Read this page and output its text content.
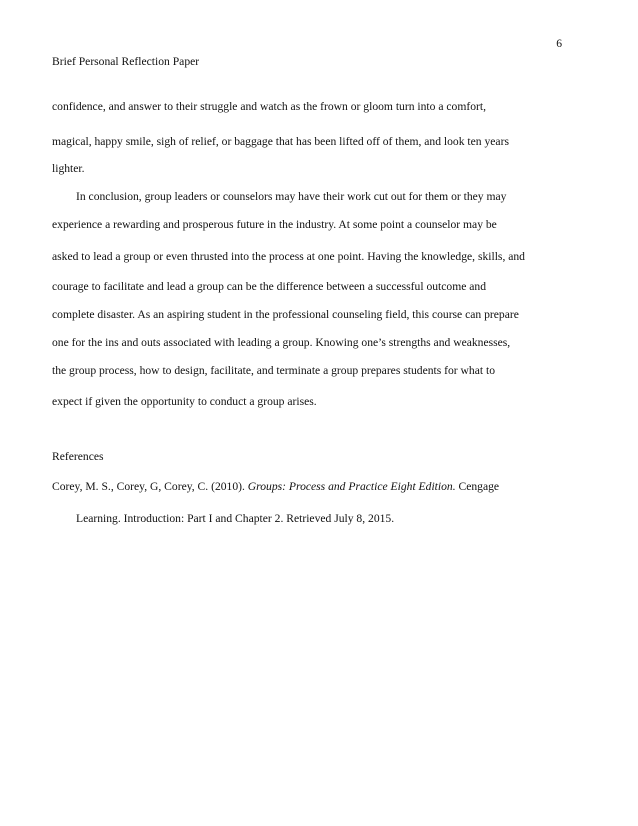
6

Brief Personal Reflection Paper

confidence, and answer to their struggle and watch as the frown or gloom turn into a comfort,

magical, happy smile, sigh of relief, or baggage that has been lifted off of them, and look ten years

lighter.

In conclusion, group leaders or counselors may have their work cut out for them or they may

experience a rewarding and prosperous future in the industry. At some point a counselor may be

asked to lead a group or even thrusted into the process at one point. Having the knowledge, skills, and

courage to facilitate and lead a group can be the difference between a successful outcome and

complete disaster. As an aspiring student in the professional counseling field, this course can prepare

one for the ins and outs associated with leading a group. Knowing one’s strengths and weaknesses,

the group process, how to design, facilitate, and terminate a group prepares students for what to

expect if given the opportunity to conduct a group arises.

References

Corey, M. S., Corey, G, Corey, C. (2010). Groups: Process and Practice Eight Edition. Cengage

Learning. Introduction: Part I and Chapter 2. Retrieved July 8, 2015.
